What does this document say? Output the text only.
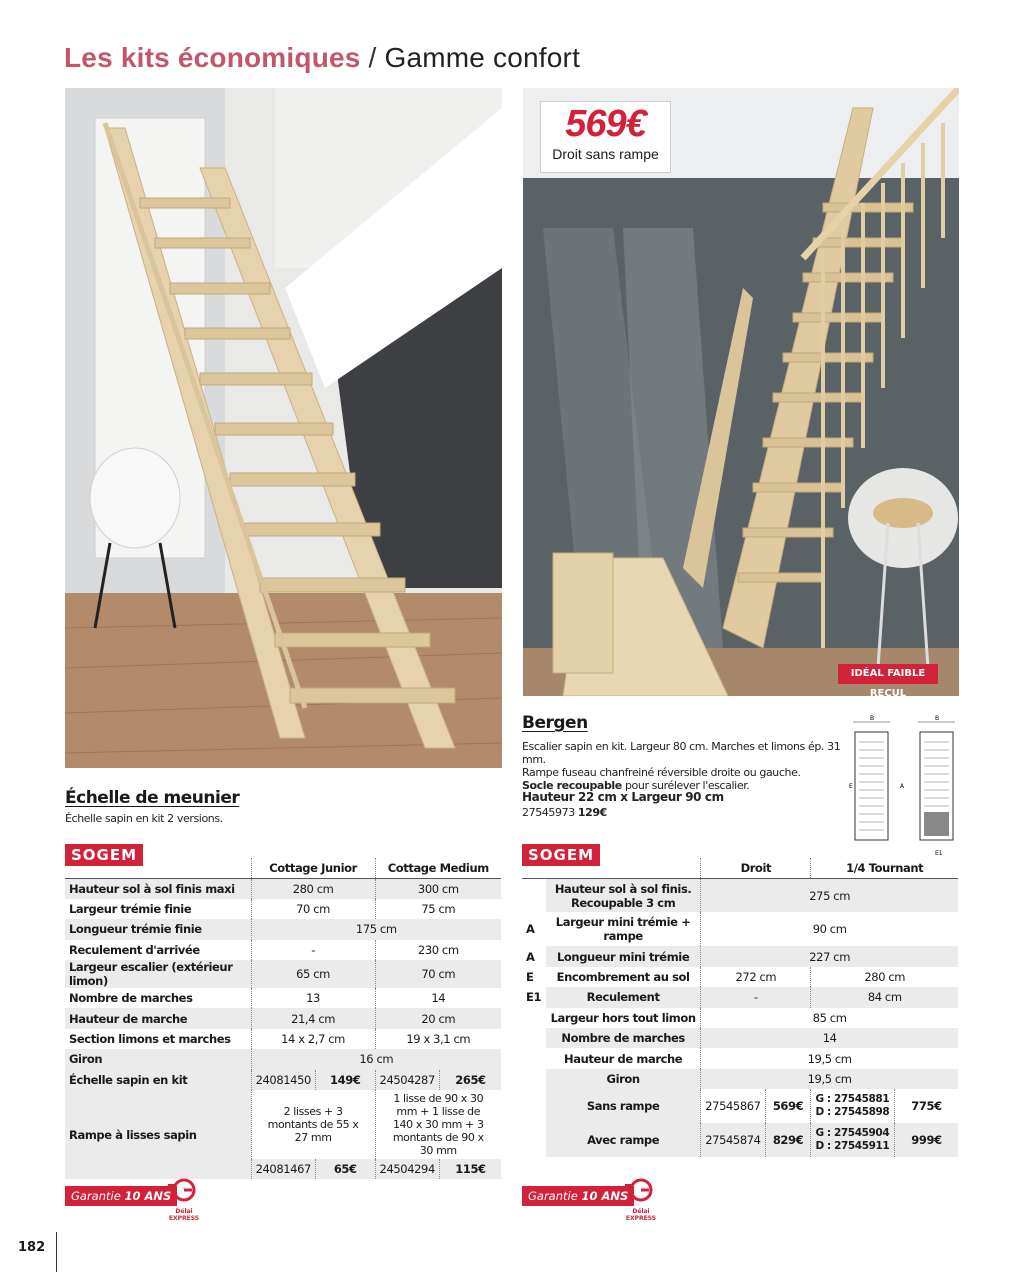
Les kits économiques / Gamme confort
569€
Droit sans rampe
IDÉAL FAIBLE RECUL
Échelle de meunier
Échelle sapin en kit 2 versions.
SOGEM
Bergen
Escalier sapin en kit. Largeur 80 cm. Marches et limons ép. 31 mm.
Rampe fuseau chanfreiné réversible droite ou gauche.
Socle recoupable pour surélever l'escalier.
Hauteur 22 cm x Largeur 90 cm
27545973 129€
SOGEM
B	B
E	A
E1
	Cottage Junior		Cottage Medium	
Hauteur sol à sol finis maxi	280 cm		300 cm	
Largeur trémie finie	70 cm		75 cm	
Longueur trémie finie	175 cm			
Reculement d'arrivée	-		230 cm	
Largeur escalier (extérieur limon)	65 cm		70 cm	
Nombre de marches	13		14	
Hauteur de marche	21,4 cm		20 cm	
Section limons et marches	14 x 2,7 cm		19 x 3,1 cm	
Giron	16 cm			
Échelle sapin en kit	24081450	149€	24504287	265€
Rampe à lisses sapin	2 lisses + 3 montants de 55 x 27 mm		1 lisse de 90 x 30 mm + 1 lisse de 140 x 30 mm + 3 montants de 90 x 30 mm	
	24081467	65€	24504294	115€
		Droit		1/4 Tournant	
	Hauteur sol à sol finis. Recoupable 3 cm	275 cm			
A	Largeur mini trémie + rampe	90 cm			
A	Longueur mini trémie	227 cm			
E	Encombrement au sol	272 cm		280 cm	
E1	Reculement	-		84 cm	
	Largeur hors tout limon	85 cm			
	Nombre de marches	14			
	Hauteur de marche	19,5 cm			
	Giron	19,5 cm			
	Sans rampe	27545867	569€	G : 27545881
D : 27545898	775€
	Avec rampe	27545874	829€	G : 27545904
D : 27545911	999€
Garantie 10 ANS
Délai
EXPRESS
Garantie 10 ANS
Délai
EXPRESS
182
